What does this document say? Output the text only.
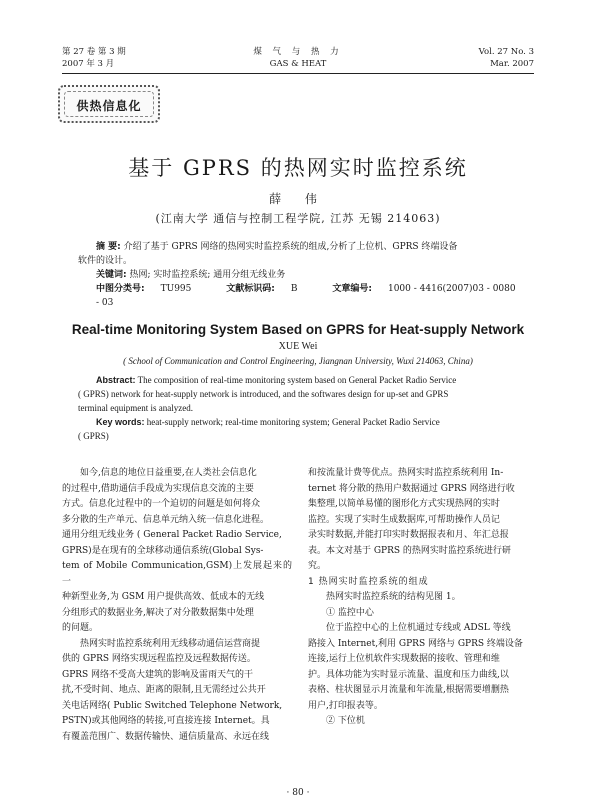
第 27 卷 第 3 期
2007 年 3 月
煤 气 与 热 力
GAS & HEAT
Vol. 27 No. 3
Mar. 2007
供热信息化
基于 GPRS 的热网实时监控系统
薛 伟
(江南大学 通信与控制工程学院, 江苏 无锡 214063)
摘 要: 介绍了基于 GPRS 网络的热网实时监控系统的组成,分析了上位机、GPRS 终端设备
软件的设计。
关键词: 热网; 实时监控系统; 通用分组无线业务
中图分类号: TU995	文献标识码: B	文章编号: 1000 - 4416(2007)03 - 0080 - 03
Real-time Monitoring System Based on GPRS for Heat-supply Network
XUE Wei
( School of Communication and Control Engineering, Jiangnan University, Wuxi 214063, China)
Abstract: The composition of real-time monitoring system based on General Packet Radio Service
( GPRS) network for heat-supply network is introduced, and the softwares design for up-set and GPRS
terminal equipment is analyzed.
Key words: heat-supply network; real-time monitoring system; General Packet Radio Service
( GPRS)
如今,信息的地位日益重要,在人类社会信息化
的过程中,借助通信手段成为实现信息交流的主要
方式。信息化过程中的一个迫切的问题是如何将众
多分散的生产单元、信息单元纳入统一信息化进程。
通用分组无线业务 ( General Packet Radio Service,
GPRS)是在现有的全球移动通信系统(Global Sys-
tem of Mobile Communication,GSM)上发展起来的一
种新型业务,为 GSM 用户提供高效、低成本的无线
分组形式的数据业务,解决了对分散数据集中处理
的问题。
热网实时监控系统利用无线移动通信运营商提
供的 GPRS 网络实现远程监控及远程数据传送。
GPRS 网络不受高大建筑的影响及雷雨天气的干
扰,不受时间、地点、距离的限制,且无需经过公共开
关电话网络( Public Switched Telephone Network,
PSTN)或其他网络的转接,可直接连接 Internet。具
有覆盖范围广、数据传输快、通信质量高、永远在线
和按流量计费等优点。热网实时监控系统利用 In-
ternet 将分散的热用户数据通过 GPRS 网络进行收
集整理,以简单易懂的图形化方式实现热网的实时
监控。实现了实时生成数据库,可帮助操作人员记
录实时数据,并能打印实时数据报表和月、年汇总报
表。本文对基于 GPRS 的热网实时监控系统进行研
究。
1 热网实时监控系统的组成
热网实时监控系统的结构见图 1。
① 监控中心
位于监控中心的上位机通过专线或 ADSL 等线
路接入 Internet,利用 GPRS 网络与 GPRS 终端设备
连接,运行上位机软件实现数据的接收、管理和维
护。具体功能为实时显示流量、温度和压力曲线,以
表格、柱状图显示月流量和年流量,根据需要增删热
用户,打印报表等。
② 下位机
· 80 ·
